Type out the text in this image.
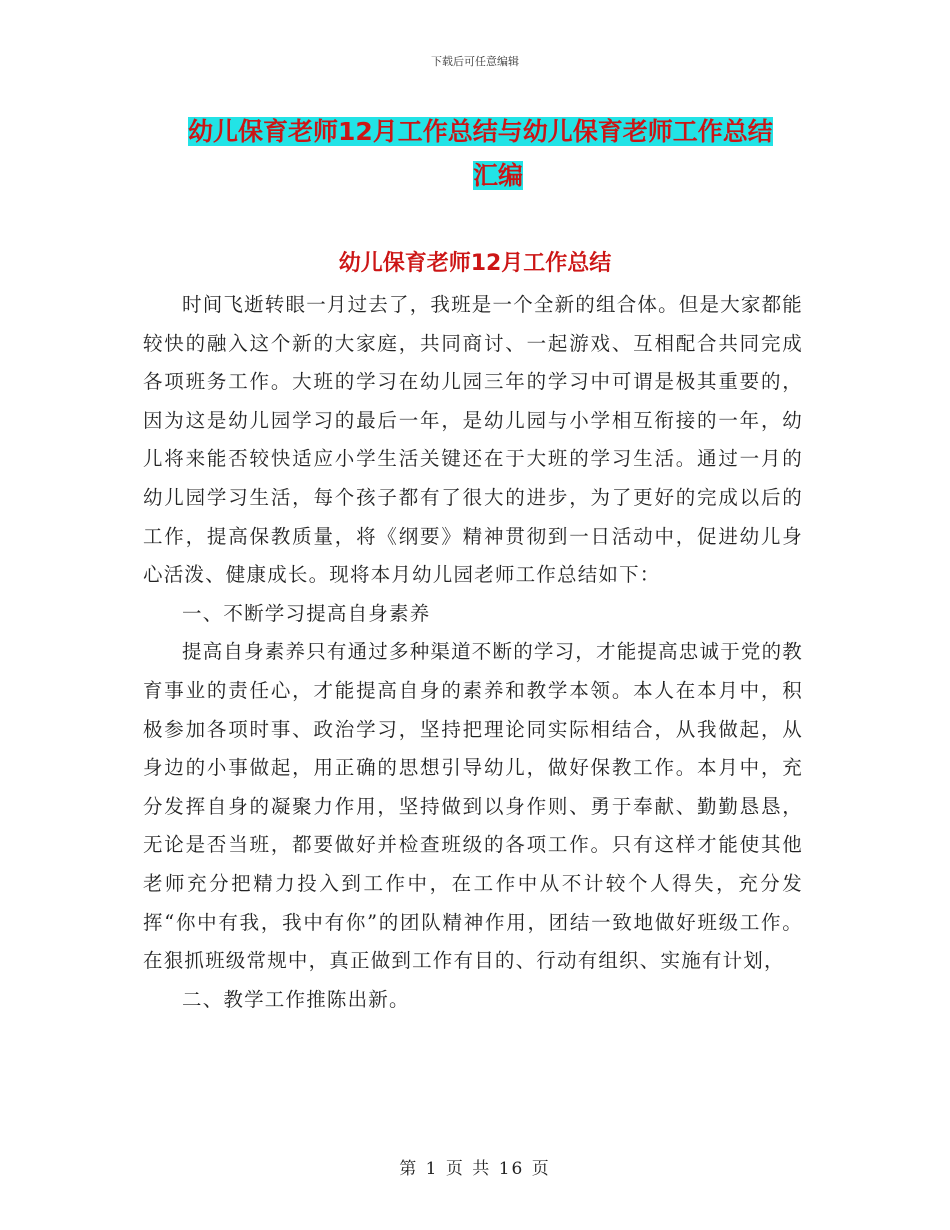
下载后可任意编辑
幼儿保育老师12月工作总结与幼儿保育老师工作总结
汇编
幼儿保育老师12月工作总结

时间飞逝转眼一月过去了，我班是一个全新的组合体。但是大家都能较快的融入这个新的大家庭，共同商讨、一起游戏、互相配合共同完成各项班务工作。大班的学习在幼儿园三年的学习中可谓是极其重要的，因为这是幼儿园学习的最后一年，是幼儿园与小学相互衔接的一年，幼儿将来能否较快适应小学生活关键还在于大班的学习生活。通过一月的幼儿园学习生活，每个孩子都有了很大的进步，为了更好的完成以后的工作，提高保教质量，将《纲要》精神贯彻到一日活动中，促进幼儿身心活泼、健康成长。现将本月幼儿园老师工作总结如下：

一、不断学习提高自身素养

提高自身素养只有通过多种渠道不断的学习，才能提高忠诚于党的教育事业的责任心，才能提高自身的素养和教学本领。本人在本月中，积极参加各项时事、政治学习，坚持把理论同实际相结合，从我做起，从身边的小事做起，用正确的思想引导幼儿，做好保教工作。本月中，充分发挥自身的凝聚力作用，坚持做到以身作则、勇于奉献、勤勤恳恳，无论是否当班，都要做好并检查班级的各项工作。只有这样才能使其他老师充分把精力投入到工作中，在工作中从不计较个人得失，充分发挥“你中有我，我中有你”的团队精神作用，团结一致地做好班级工作。在狠抓班级常规中，真正做到工作有目的、行动有组织、实施有计划，

二、教学工作推陈出新。

第 1 页 共 16 页
